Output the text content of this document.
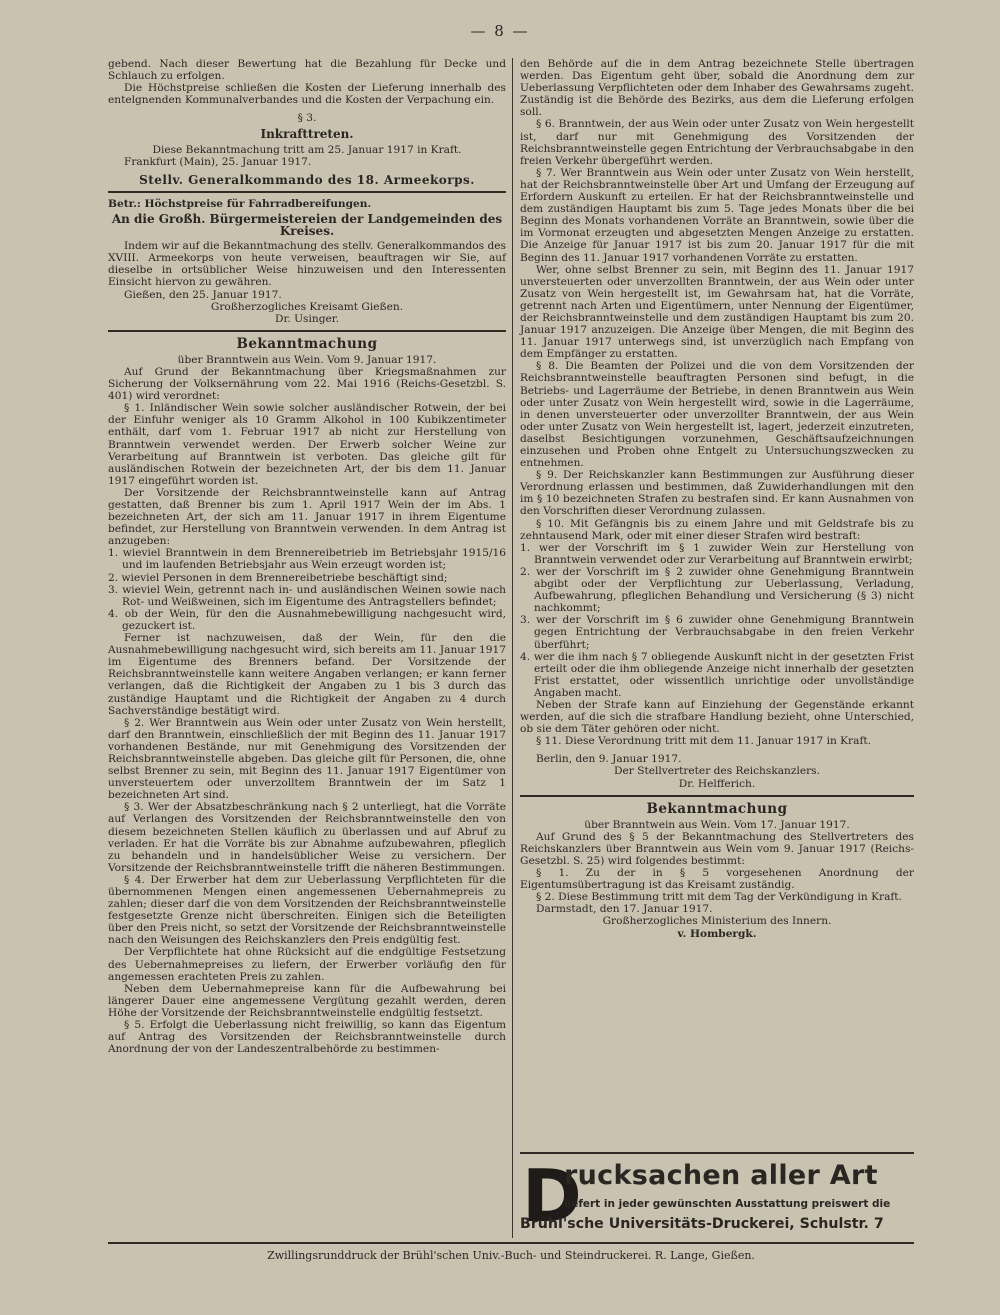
— 8 —

gebend. Nach dieser Bewertung hat die Bezahlung für Decke und Schlauch zu erfolgen.

Die Höchstpreise schließen die Kosten der Lieferung innerhalb des entelgnenden Kommunalverbandes und die Kosten der Verpachung ein.

§ 3.
Inkrafttreten.

Diese Bekanntmachung tritt am 25. Januar 1917 in Kraft.

Frankfurt (Main), 25. Januar 1917.

Stellv. Generalkommando des 18. Armeekorps.

Betr.: Höchstpreise für Fahrradbereifungen.

An die Großh. Bürgermeistereien der Landgemeinden des Kreises.

Indem wir auf die Bekanntmachung des stellv. Generalkommandos des XVIII. Armeekorps von heute verweisen, beauftragen wir Sie, auf dieselbe in ortsüblicher Weise hinzuweisen und den Interessenten Einsicht hiervon zu gewähren.

Gießen, den 25. Januar 1917.

Großherzogliches Kreisamt Gießen.

Dr. Usinger.

Bekanntmachung

über Branntwein aus Wein. Vom 9. Januar 1917.

Auf Grund der Bekanntmachung über Kriegsmaßnahmen zur Sicherung der Volksernährung vom 22. Mai 1916 (Reichs-Gesetzbl. S. 401) wird verordnet:

§ 1. Inländischer Wein sowie solcher ausländischer Rotwein, der bei der Einfuhr weniger als 10 Gramm Alkohol in 100 Kubikzentimeter enthält, darf vom 1. Februar 1917 ab nicht zur Herstellung von Branntwein verwendet werden. Der Erwerb solcher Weine zur Verarbeitung auf Branntwein ist verboten. Das gleiche gilt für ausländischen Rotwein der bezeichneten Art, der bis dem 11. Januar 1917 eingeführt worden ist.

Der Vorsitzende der Reichsbranntweinstelle kann auf Antrag gestatten, daß Brenner bis zum 1. April 1917 Wein der im Abs. 1 bezeichneten Art, der sich am 11. Januar 1917 in ihrem Eigentume befindet, zur Herstellung von Branntwein verwenden. In dem Antrag ist anzugeben:

1. wieviel Branntwein in dem Brennereibetrieb im Betriebsjahr 1915/16 und im laufenden Betriebsjahr aus Wein erzeugt worden ist;

2. wieviel Personen in dem Brennereibetriebe beschäftigt sind;

3. wieviel Wein, getrennt nach in- und ausländischen Weinen sowie nach Rot- und Weißweinen, sich im Eigentume des Antragstellers befindet;

4. ob der Wein, für den die Ausnahmebewilligung nachgesucht wird, gezuckert ist.

Ferner ist nachzuweisen, daß der Wein, für den die Ausnahmebewilligung nachgesucht wird, sich bereits am 11. Januar 1917 im Eigentume des Brenners befand. Der Vorsitzende der Reichsbranntweinstelle kann weitere Angaben verlangen; er kann ferner verlangen, daß die Richtigkeit der Angaben zu 1 bis 3 durch das zuständige Hauptamt und die Richtigkeit der Angaben zu 4 durch Sachverständige bestätigt wird.

§ 2. Wer Branntwein aus Wein oder unter Zusatz von Wein herstellt, darf den Branntwein, einschließlich der mit Beginn des 11. Januar 1917 vorhandenen Bestände, nur mit Genehmigung des Vorsitzenden der Reichsbranntweinstelle abgeben. Das gleiche gilt für Personen, die, ohne selbst Brenner zu sein, mit Beginn des 11. Januar 1917 Eigentümer von unversteuertem oder unverzolltem Branntwein der im Satz 1 bezeichneten Art sind.

§ 3. Wer der Absatzbeschränkung nach § 2 unterliegt, hat die Vorräte auf Verlangen des Vorsitzenden der Reichsbranntweinstelle den von diesem bezeichneten Stellen käuflich zu überlassen und auf Abruf zu verladen. Er hat die Vorräte bis zur Abnahme aufzubewahren, pfleglich zu behandeln und in handelsüblicher Weise zu versichern. Der Vorsitzende der Reichsbranntweinstelle trifft die näheren Bestimmungen.

§ 4. Der Erwerber hat dem zur Ueberlassung Verpflichteten für die übernommenen Mengen einen angemessenen Uebernahmepreis zu zahlen; dieser darf die von dem Vorsitzenden der Reichsbranntweinstelle festgesetzte Grenze nicht überschreiten. Einigen sich die Beteiligten über den Preis nicht, so setzt der Vorsitzende der Reichsbranntweinstelle nach den Weisungen des Reichskanzlers den Preis endgültig fest.

Der Verpflichtete hat ohne Rücksicht auf die endgültige Festsetzung des Uebernahmepreises zu liefern, der Erwerber vorläufig den für angemessen erachteten Preis zu zahlen.

Neben dem Uebernahmepreise kann für die Aufbewahrung bei längerer Dauer eine angemessene Vergütung gezahlt werden, deren Höhe der Vorsitzende der Reichsbranntweinstelle endgültig festsetzt.

§ 5. Erfolgt die Ueberlassung nicht freiwillig, so kann das Eigentum auf Antrag des Vorsitzenden der Reichsbranntweinstelle durch Anordnung der von der Landeszentralbehörde zu bestimmen-

den Behörde auf die in dem Antrag bezeichnete Stelle übertragen werden. Das Eigentum geht über, sobald die Anordnung dem zur Ueberlassung Verpflichteten oder dem Inhaber des Gewahrsams zugeht. Zuständig ist die Behörde des Bezirks, aus dem die Lieferung erfolgen soll.

§ 6. Branntwein, der aus Wein oder unter Zusatz von Wein hergestellt ist, darf nur mit Genehmigung des Vorsitzenden der Reichsbranntweinstelle gegen Entrichtung der Verbrauchsabgabe in den freien Verkehr übergeführt werden.

§ 7. Wer Branntwein aus Wein oder unter Zusatz von Wein herstellt, hat der Reichsbranntweinstelle über Art und Umfang der Erzeugung auf Erfordern Auskunft zu erteilen. Er hat der Reichsbranntweinstelle und dem zuständigen Hauptamt bis zum 5. Tage jedes Monats über die bei Beginn des Monats vorhandenen Vorräte an Branntwein, sowie über die im Vormonat erzeugten und abgesetzten Mengen Anzeige zu erstatten. Die Anzeige für Januar 1917 ist bis zum 20. Januar 1917 für die mit Beginn des 11. Januar 1917 vorhandenen Vorräte zu erstatten.

Wer, ohne selbst Brenner zu sein, mit Beginn des 11. Januar 1917 unversteuerten oder unverzollten Branntwein, der aus Wein oder unter Zusatz von Wein hergestellt ist, im Gewahrsam hat, hat die Vorräte, getrennt nach Arten und Eigentümern, unter Nennung der Eigentümer, der Reichsbranntweinstelle und dem zuständigen Hauptamt bis zum 20. Januar 1917 anzuzeigen. Die Anzeige über Mengen, die mit Beginn des 11. Januar 1917 unterwegs sind, ist unverzüglich nach Empfang von dem Empfänger zu erstatten.

§ 8. Die Beamten der Polizei und die von dem Vorsitzenden der Reichsbranntweinstelle beauftragten Personen sind befugt, in die Betriebs- und Lagerräume der Betriebe, in denen Branntwein aus Wein oder unter Zusatz von Wein hergestellt wird, sowie in die Lagerräume, in denen unversteuerter oder unverzollter Branntwein, der aus Wein oder unter Zusatz von Wein hergestellt ist, lagert, jederzeit einzutreten, daselbst Besichtigungen vorzunehmen, Geschäftsaufzeichnungen einzusehen und Proben ohne Entgelt zu Untersuchungszwecken zu entnehmen.

§ 9. Der Reichskanzler kann Bestimmungen zur Ausführung dieser Verordnung erlassen und bestimmen, daß Zuwiderhandlungen mit den im § 10 bezeichneten Strafen zu bestrafen sind. Er kann Ausnahmen von den Vorschriften dieser Verordnung zulassen.

§ 10. Mit Gefängnis bis zu einem Jahre und mit Geldstrafe bis zu zehntausend Mark, oder mit einer dieser Strafen wird bestraft:

1. wer der Vorschrift im § 1 zuwider Wein zur Herstellung von Branntwein verwendet oder zur Verarbeitung auf Branntwein erwirbt;

2. wer der Vorschrift im § 2 zuwider ohne Genehmigung Branntwein abgibt oder der Verpflichtung zur Ueberlassung, Verladung, Aufbewahrung, pfleglichen Behandlung und Versicherung (§ 3) nicht nachkommt;

3. wer der Vorschrift im § 6 zuwider ohne Genehmigung Branntwein gegen Entrichtung der Verbrauchsabgabe in den freien Verkehr überführt;

4. wer die ihm nach § 7 obliegende Auskunft nicht in der gesetzten Frist erteilt oder die ihm obliegende Anzeige nicht innerhalb der gesetzten Frist erstattet, oder wissentlich unrichtige oder unvollständige Angaben macht.

Neben der Strafe kann auf Einziehung der Gegenstände erkannt werden, auf die sich die strafbare Handlung bezieht, ohne Unterschied, ob sie dem Täter gehören oder nicht.

§ 11. Diese Verordnung tritt mit dem 11. Januar 1917 in Kraft.

Berlin, den 9. Januar 1917.

Der Stellvertreter des Reichskanzlers.

Dr. Helfferich.

Bekanntmachung

über Branntwein aus Wein. Vom 17. Januar 1917.

Auf Grund des § 5 der Bekanntmachung des Stellvertreters des Reichskanzlers über Branntwein aus Wein vom 9. Januar 1917 (Reichs-Gesetzbl. S. 25) wird folgendes bestimmt:

§ 1. Zu der in § 5 vorgesehenen Anordnung der Eigentumsübertragung ist das Kreisamt zuständig.

§ 2. Diese Bestimmung tritt mit dem Tag der Verkündigung in Kraft.

Darmstadt, den 17. Januar 1917.

Großherzogliches Ministerium des Innern.

v. Hombergk.

D
rucksachen aller Art
liefert in jeder gewünschten Ausstattung preiswert die
Brühl'sche Universitäts-Druckerei, Schulstr. 7
Zwillingsrunddruck der Brühl'schen Univ.-Buch- und Steindruckerei. R. Lange, Gießen.
